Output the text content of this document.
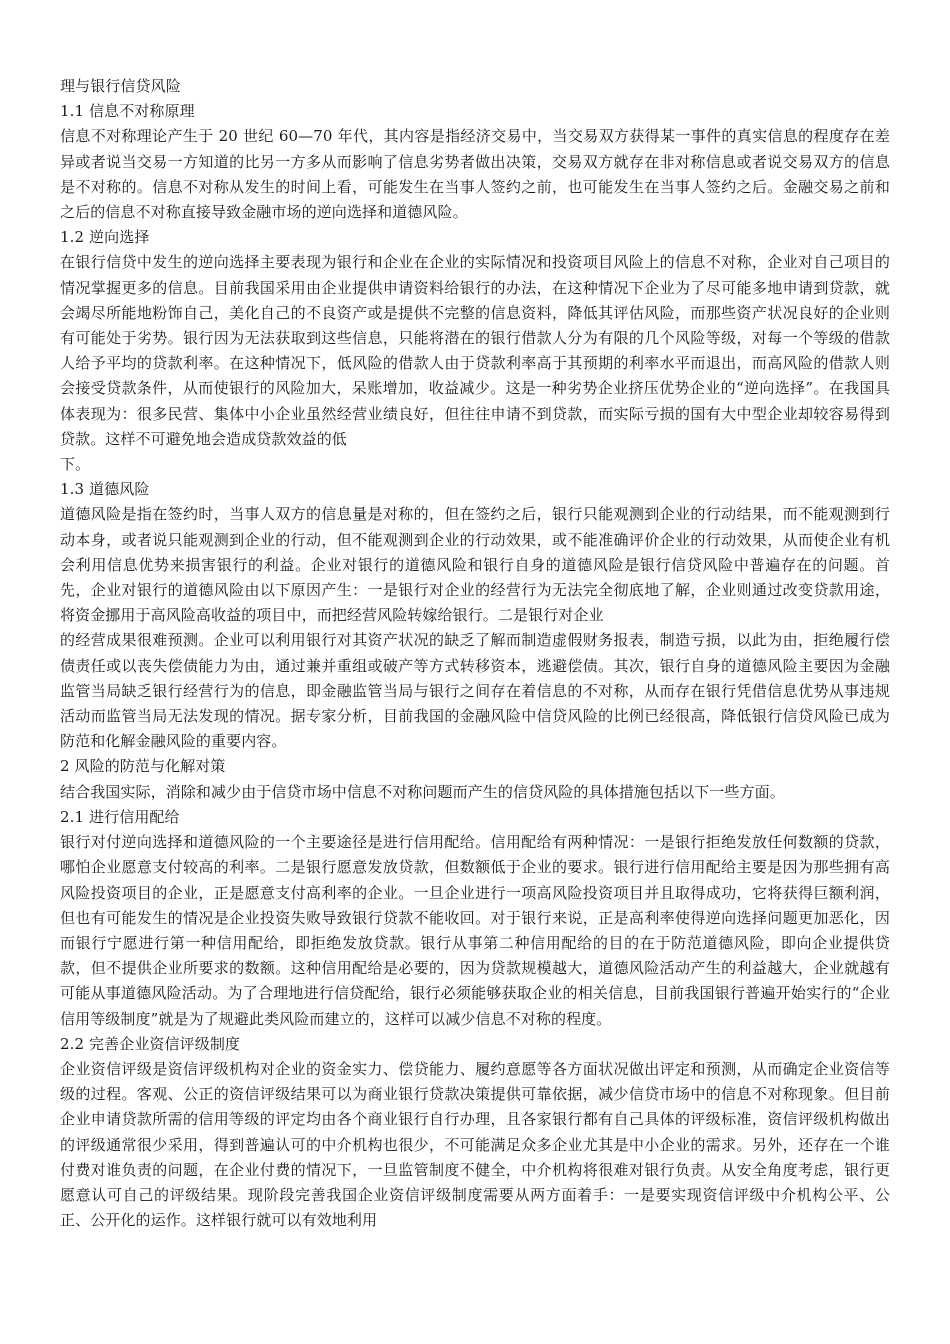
理与银行信贷风险

1.1 信息不对称原理

信息不对称理论产生于 20 世纪 60—70 年代，其内容是指经济交易中，当交易双方获得某一事件的真实信息的程度存在差异或者说当交易一方知道的比另一方多从而影响了信息劣势者做出决策，交易双方就存在非对称信息或者说交易双方的信息是不对称的。信息不对称从发生的时间上看，可能发生在当事人签约之前，也可能发生在当事人签约之后。金融交易之前和之后的信息不对称直接导致金融市场的逆向选择和道德风险。

1.2 逆向选择

在银行信贷中发生的逆向选择主要表现为银行和企业在企业的实际情况和投资项目风险上的信息不对称，企业对自己项目的情况掌握更多的信息。目前我国采用由企业提供申请资料给银行的办法，在这种情况下企业为了尽可能多地申请到贷款，就会竭尽所能地粉饰自己，美化自己的不良资产或是提供不完整的信息资料，降低其评估风险，而那些资产状况良好的企业则有可能处于劣势。银行因为无法获取到这些信息，只能将潜在的银行借款人分为有限的几个风险等级，对每一个等级的借款人给予平均的贷款利率。在这种情况下，低风险的借款人由于贷款利率高于其预期的利率水平而退出，而高风险的借款人则会接受贷款条件，从而使银行的风险加大，呆账增加，收益减少。这是一种劣势企业挤压优势企业的“逆向选择”。在我国具体表现为：很多民营、集体中小企业虽然经营业绩良好，但往往申请不到贷款，而实际亏损的国有大中型企业却较容易得到贷款。这样不可避免地会造成贷款效益的低

下。

1.3 道德风险

道德风险是指在签约时，当事人双方的信息量是对称的，但在签约之后，银行只能观测到企业的行动结果，而不能观测到行动本身，或者说只能观测到企业的行动，但不能观测到企业的行动效果，或不能准确评价企业的行动效果，从而使企业有机会利用信息优势来损害银行的利益。企业对银行的道德风险和银行自身的道德风险是银行信贷风险中普遍存在的问题。首先，企业对银行的道德风险由以下原因产生：一是银行对企业的经营行为无法完全彻底地了解，企业则通过改变贷款用途，将资金挪用于高风险高收益的项目中，而把经营风险转嫁给银行。二是银行对企业

的经营成果很难预测。企业可以利用银行对其资产状况的缺乏了解而制造虚假财务报表，制造亏损，以此为由，拒绝履行偿债责任或以丧失偿债能力为由，通过兼并重组或破产等方式转移资本，逃避偿债。其次，银行自身的道德风险主要因为金融监管当局缺乏银行经营行为的信息，即金融监管当局与银行之间存在着信息的不对称，从而存在银行凭借信息优势从事违规活动而监管当局无法发现的情况。据专家分析，目前我国的金融风险中信贷风险的比例已经很高，降低银行信贷风险已成为防范和化解金融风险的重要内容。

2 风险的防范与化解对策

结合我国实际，消除和减少由于信贷市场中信息不对称问题而产生的信贷风险的具体措施包括以下一些方面。

2.1 进行信用配给

银行对付逆向选择和道德风险的一个主要途径是进行信用配给。信用配给有两种情况：一是银行拒绝发放任何数额的贷款，哪怕企业愿意支付较高的利率。二是银行愿意发放贷款，但数额低于企业的要求。银行进行信用配给主要是因为那些拥有高风险投资项目的企业，正是愿意支付高利率的企业。一旦企业进行一项高风险投资项目并且取得成功，它将获得巨额利润，但也有可能发生的情况是企业投资失败导致银行贷款不能收回。对于银行来说，正是高利率使得逆向选择问题更加恶化，因而银行宁愿进行第一种信用配给，即拒绝发放贷款。银行从事第二种信用配给的目的在于防范道德风险，即向企业提供贷款，但不提供企业所要求的数额。这种信用配给是必要的，因为贷款规模越大，道德风险活动产生的利益越大，企业就越有可能从事道德风险活动。为了合理地进行信贷配给，银行必须能够获取企业的相关信息，目前我国银行普遍开始实行的“企业信用等级制度”就是为了规避此类风险而建立的，这样可以减少信息不对称的程度。

2.2 完善企业资信评级制度

企业资信评级是资信评级机构对企业的资金实力、偿贷能力、履约意愿等各方面状况做出评定和预测，从而确定企业资信等级的过程。客观、公正的资信评级结果可以为商业银行贷款决策提供可靠依据，减少信贷市场中的信息不对称现象。但目前企业申请贷款所需的信用等级的评定均由各个商业银行自行办理，且各家银行都有自己具体的评级标准，资信评级机构做出的评级通常很少采用，得到普遍认可的中介机构也很少，不可能满足众多企业尤其是中小企业的需求。另外，还存在一个谁付费对谁负责的问题，在企业付费的情况下，一旦监管制度不健全，中介机构将很难对银行负责。从安全角度考虑，银行更愿意认可自己的评级结果。现阶段完善我国企业资信评级制度需要从两方面着手：一是要实现资信评级中介机构公平、公正、公开化的运作。这样银行就可以有效地利用
